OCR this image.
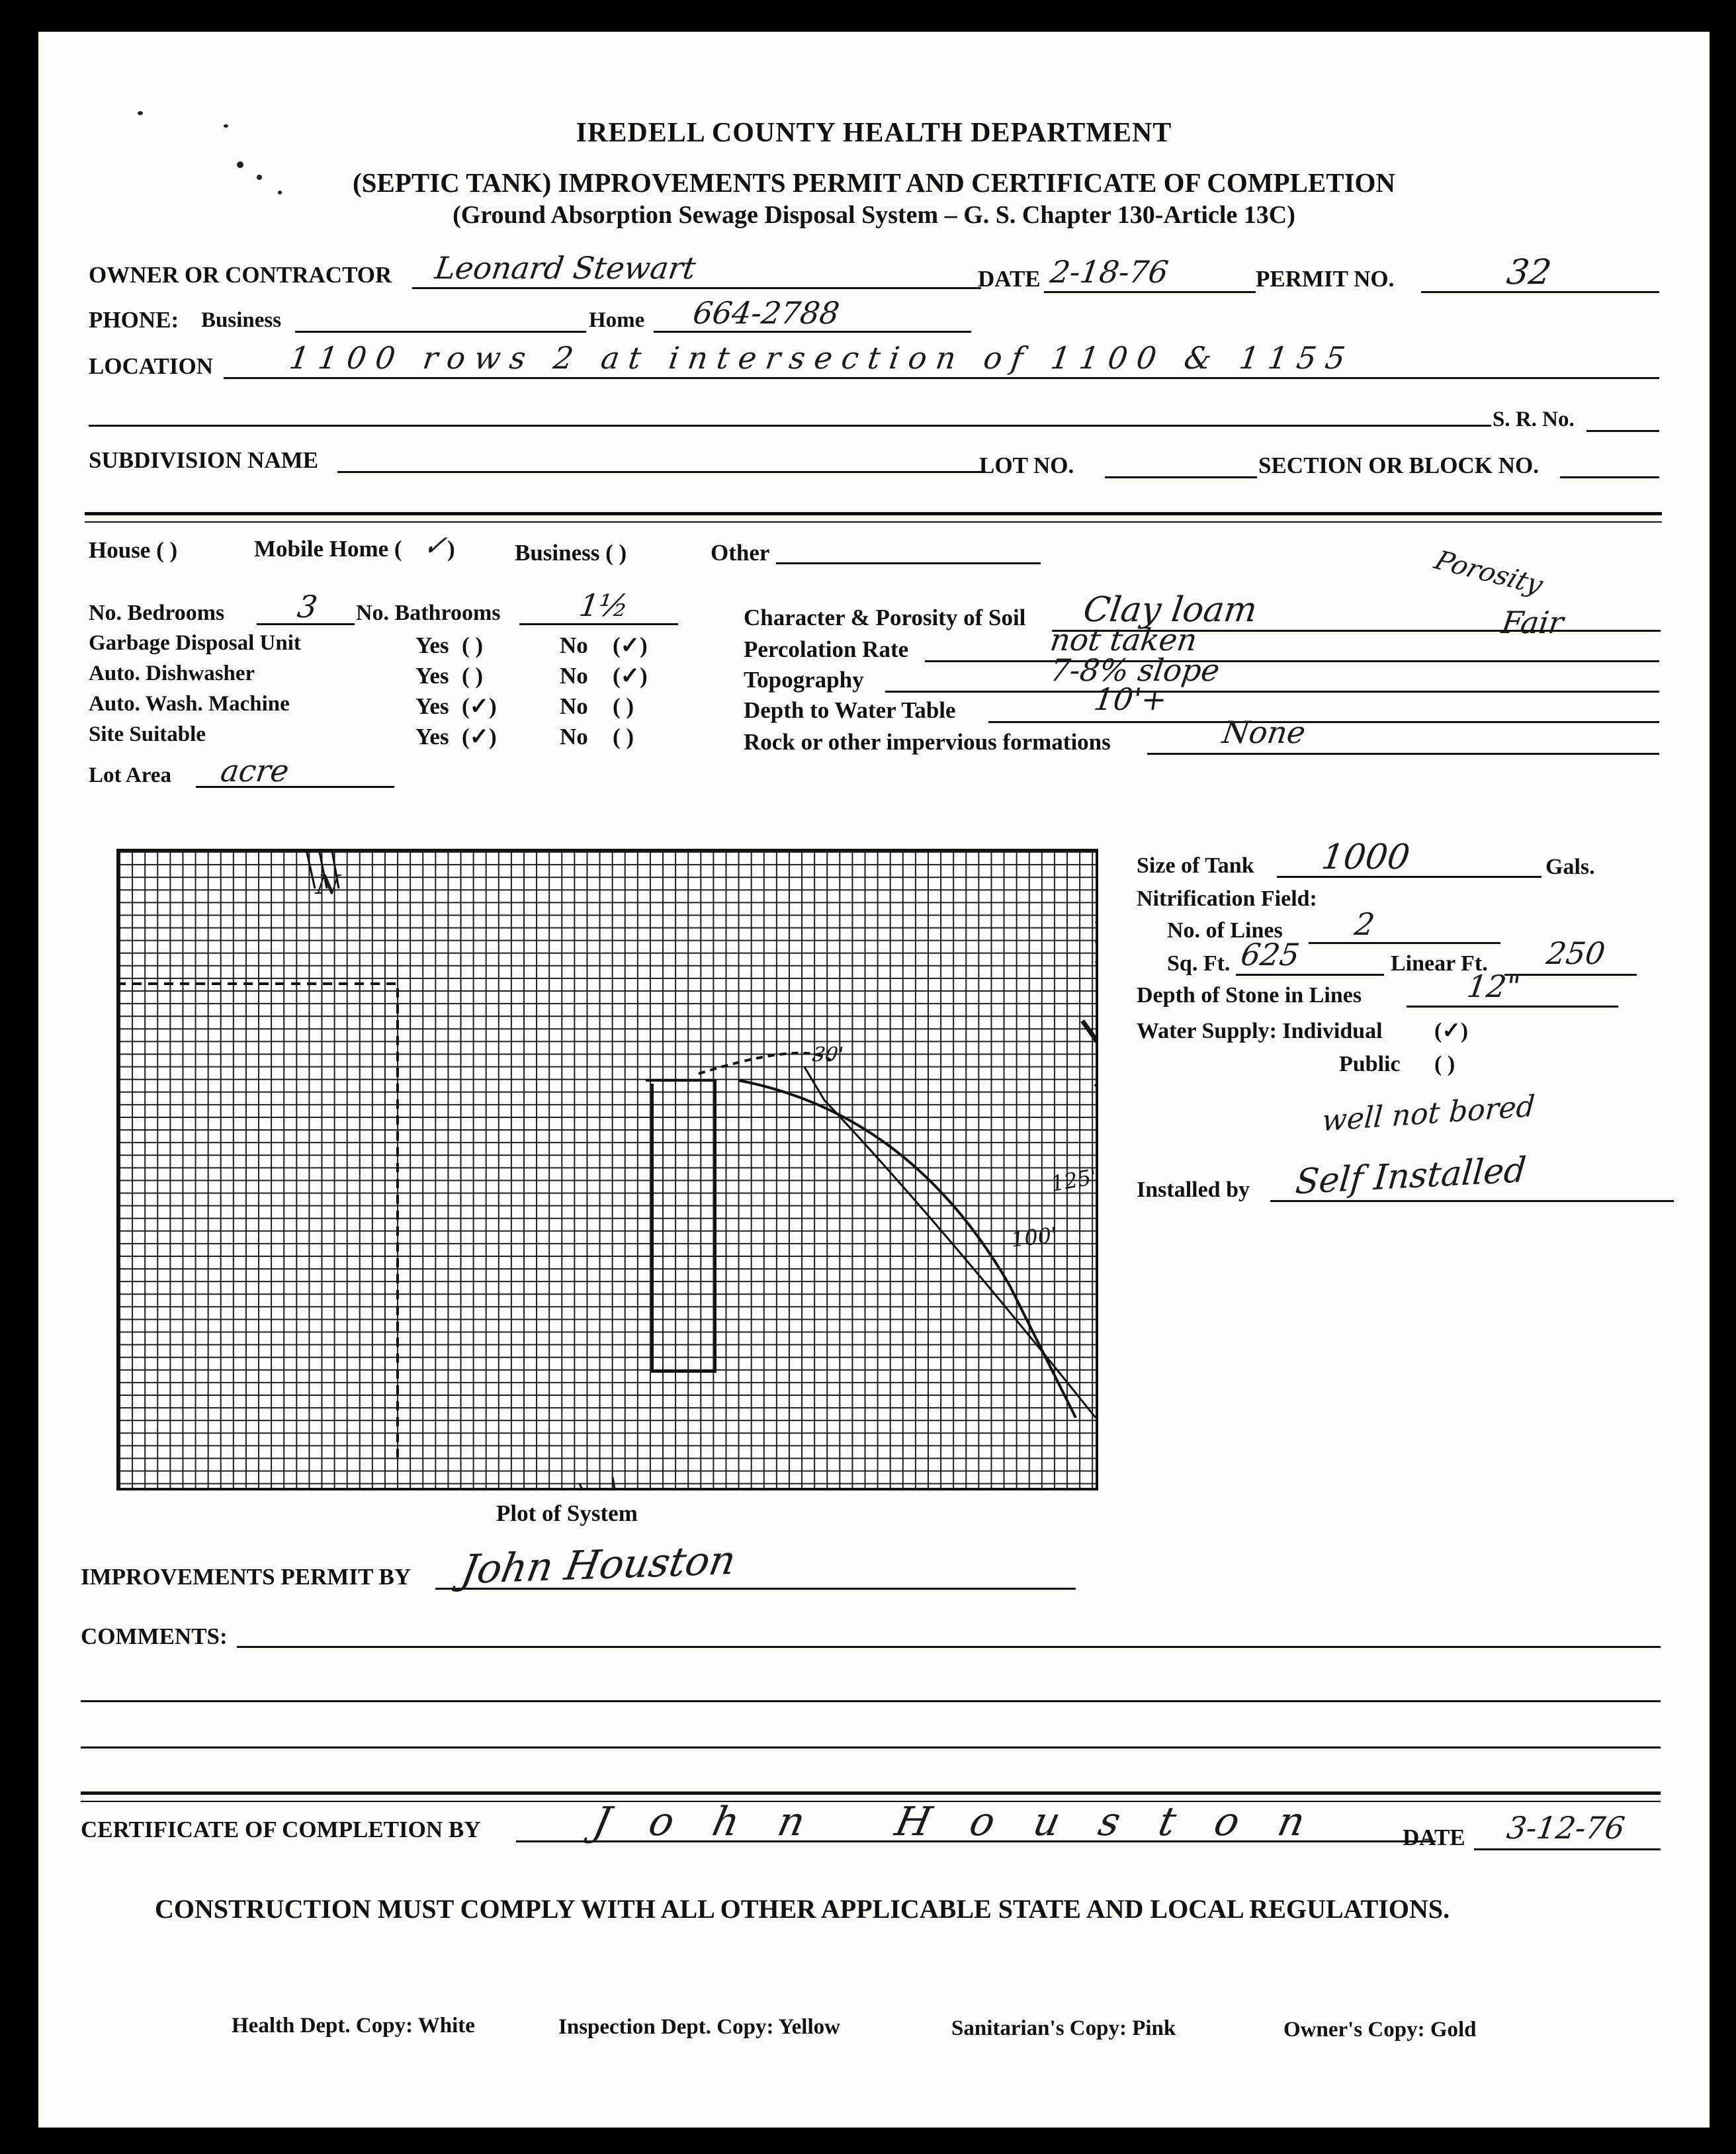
IREDELL COUNTY HEALTH DEPARTMENT
(SEPTIC TANK) IMPROVEMENTS PERMIT AND CERTIFICATE OF COMPLETION
(Ground Absorption Sewage Disposal System – G. S. Chapter 130-Article 13C)
OWNER OR CONTRACTOR Leonard Stewart	DATE 2-18-76	PERMIT NO.	32
PHONE: Business	Home 664-2788
LOCATION 1100 rows 2 at intersection of 1100 & 1155
S. R. No.
SUBDIVISION NAME	LOT NO.	SECTION OR BLOCK NO.
House ( )	Mobile Home ( ✓
)	Business ( )	Other
No. Bedrooms 3 No. Bathrooms	1½
Garbage Disposal Unit	Yes ( )	No (✓)
Auto. Dishwasher	Yes ( )	No (✓)
Auto. Wash. Machine	Yes (✓)	No ( )
Site Suitable	Yes (✓)	No ( )
Lot Area acre
Porosity
Character & Porosity of Soil Clay loam	Fair
Percolation Rate	not taken
Topography	7-8% slope
Depth to Water Table	10'+
Rock or other impervious formations	None
N
30'
125'
100'
Plot of System
Size of Tank 1000	Gals.
Nitrification Field:
No. of Lines 2
Sq. Ft. 625	Linear Ft. 250
Depth of Stone in Lines	12"
Water Supply: Individual (✓)
Public ( )
well not bored
Installed by Self Installed
IMPROVEMENTS PERMIT BY John Houston
COMMENTS:
CERTIFICATE OF COMPLETION BY	John Houston DATE 3-12-76
CONSTRUCTION MUST COMPLY WITH ALL OTHER APPLICABLE STATE AND LOCAL REGULATIONS.
Health Dept. Copy: White	Inspection Dept. Copy: Yellow	Sanitarian's Copy: Pink	Owner's Copy: Gold
